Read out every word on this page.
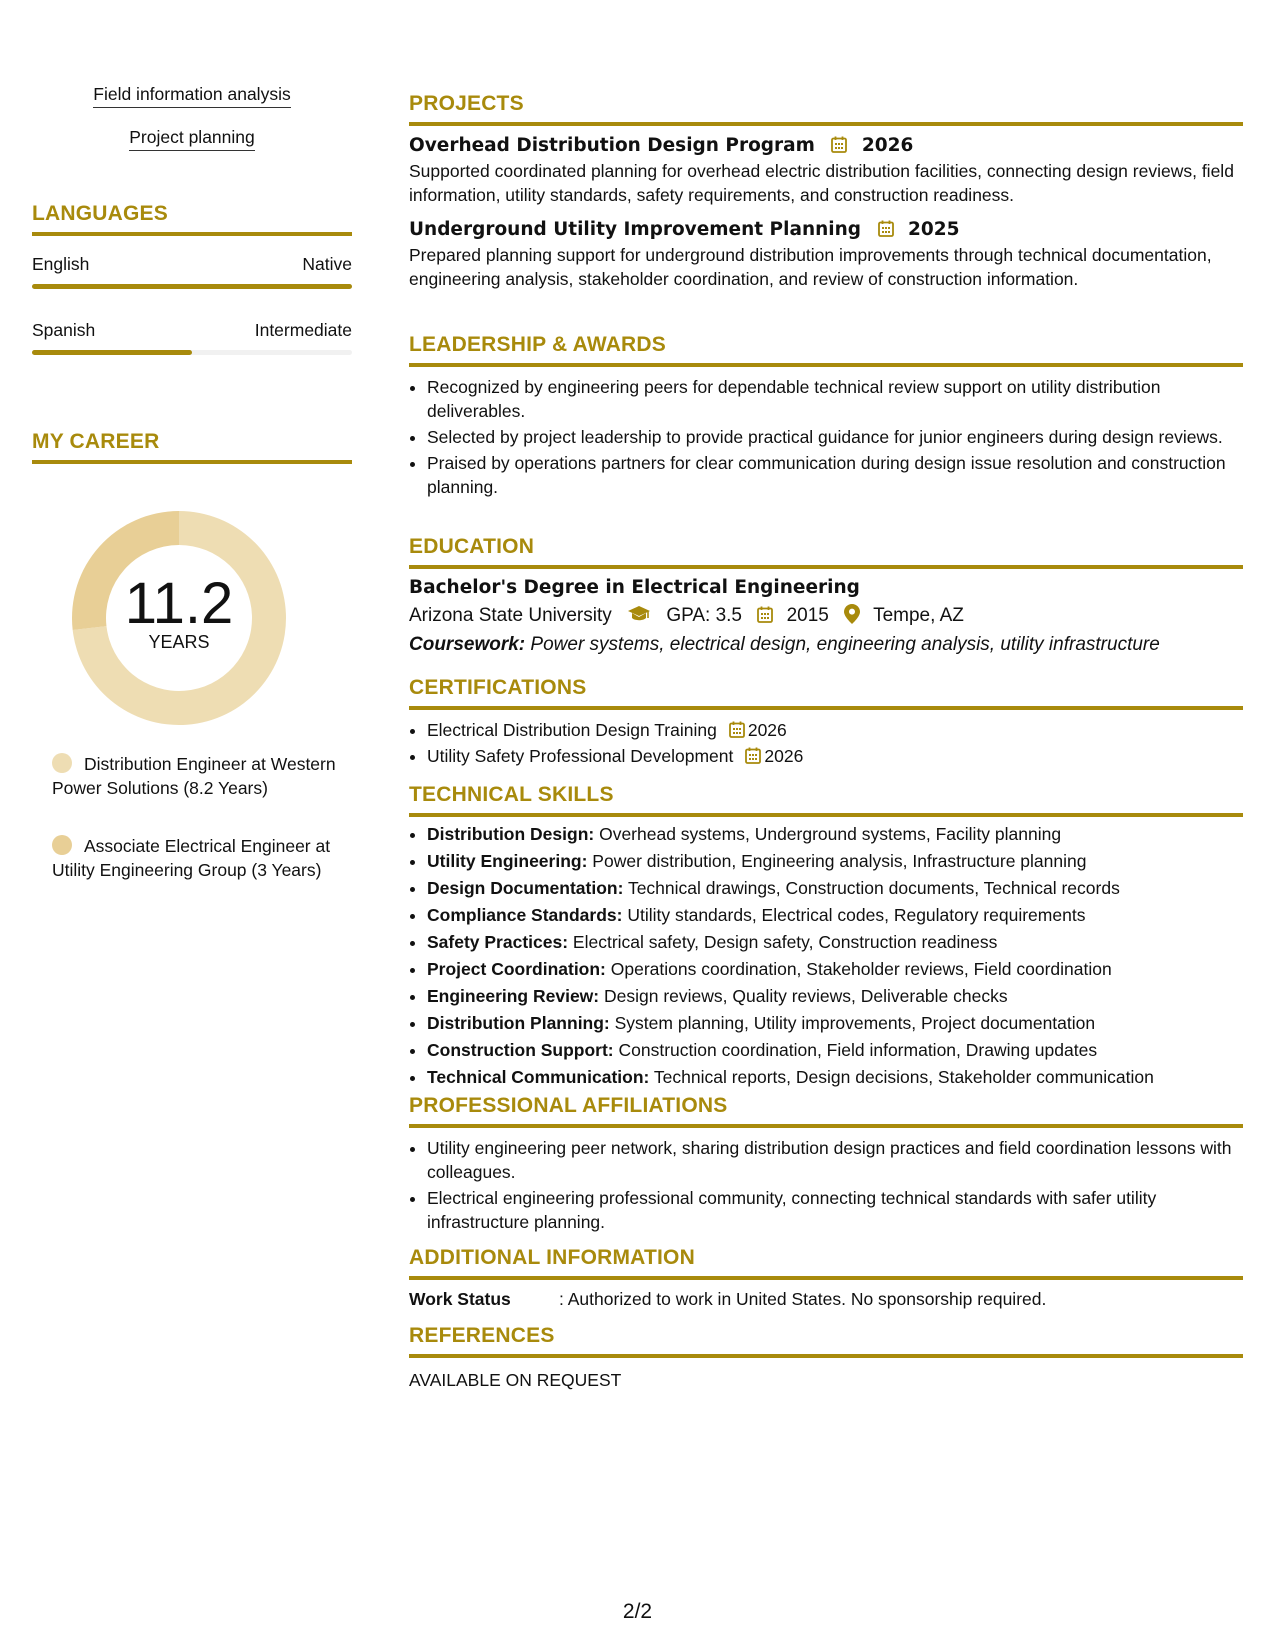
Field information analysis
Project planning
LANGUAGES
English	Native
Spanish	Intermediate
MY CAREER
11.2
YEARS
Distribution Engineer at Western Power Solutions (8.2 Years)
Associate Electrical Engineer at Utility Engineering Group (3 Years)
PROJECTS
Overhead Distribution Design Program	2026
Supported coordinated planning for overhead electric distribution facilities, connecting design reviews, field information, utility standards, safety requirements, and construction readiness.
Underground Utility Improvement Planning	2025
Prepared planning support for underground distribution improvements through technical documentation, engineering analysis, stakeholder coordination, and review of construction information.
LEADERSHIP & AWARDS
• Recognized by engineering peers for dependable technical review support on utility distribution deliverables.
• Selected by project leadership to provide practical guidance for junior engineers during design reviews.
• Praised by operations partners for clear communication during design issue resolution and construction planning.
EDUCATION
Bachelor's Degree in Electrical Engineering
Arizona State University	GPA: 3.5 2015 Tempe, AZ
Coursework: Power systems, electrical design, engineering analysis, utility infrastructure
CERTIFICATIONS
• Electrical Distribution Design Training 2026
• Utility Safety Professional Development 2026
TECHNICAL SKILLS
• Distribution Design: Overhead systems, Underground systems, Facility planning
• Utility Engineering: Power distribution, Engineering analysis, Infrastructure planning
• Design Documentation: Technical drawings, Construction documents, Technical records
• Compliance Standards: Utility standards, Electrical codes, Regulatory requirements
• Safety Practices: Electrical safety, Design safety, Construction readiness
• Project Coordination: Operations coordination, Stakeholder reviews, Field coordination
• Engineering Review: Design reviews, Quality reviews, Deliverable checks
• Distribution Planning: System planning, Utility improvements, Project documentation
• Construction Support: Construction coordination, Field information, Drawing updates
• Technical Communication: Technical reports, Design decisions, Stakeholder communication
PROFESSIONAL AFFILIATIONS
• Utility engineering peer network, sharing distribution design practices and field coordination lessons with colleagues.
• Electrical engineering professional community, connecting technical standards with safer utility infrastructure planning.
ADDITIONAL INFORMATION
Work Status	: Authorized to work in United States. No sponsorship required.
REFERENCES
AVAILABLE ON REQUEST
2/2
